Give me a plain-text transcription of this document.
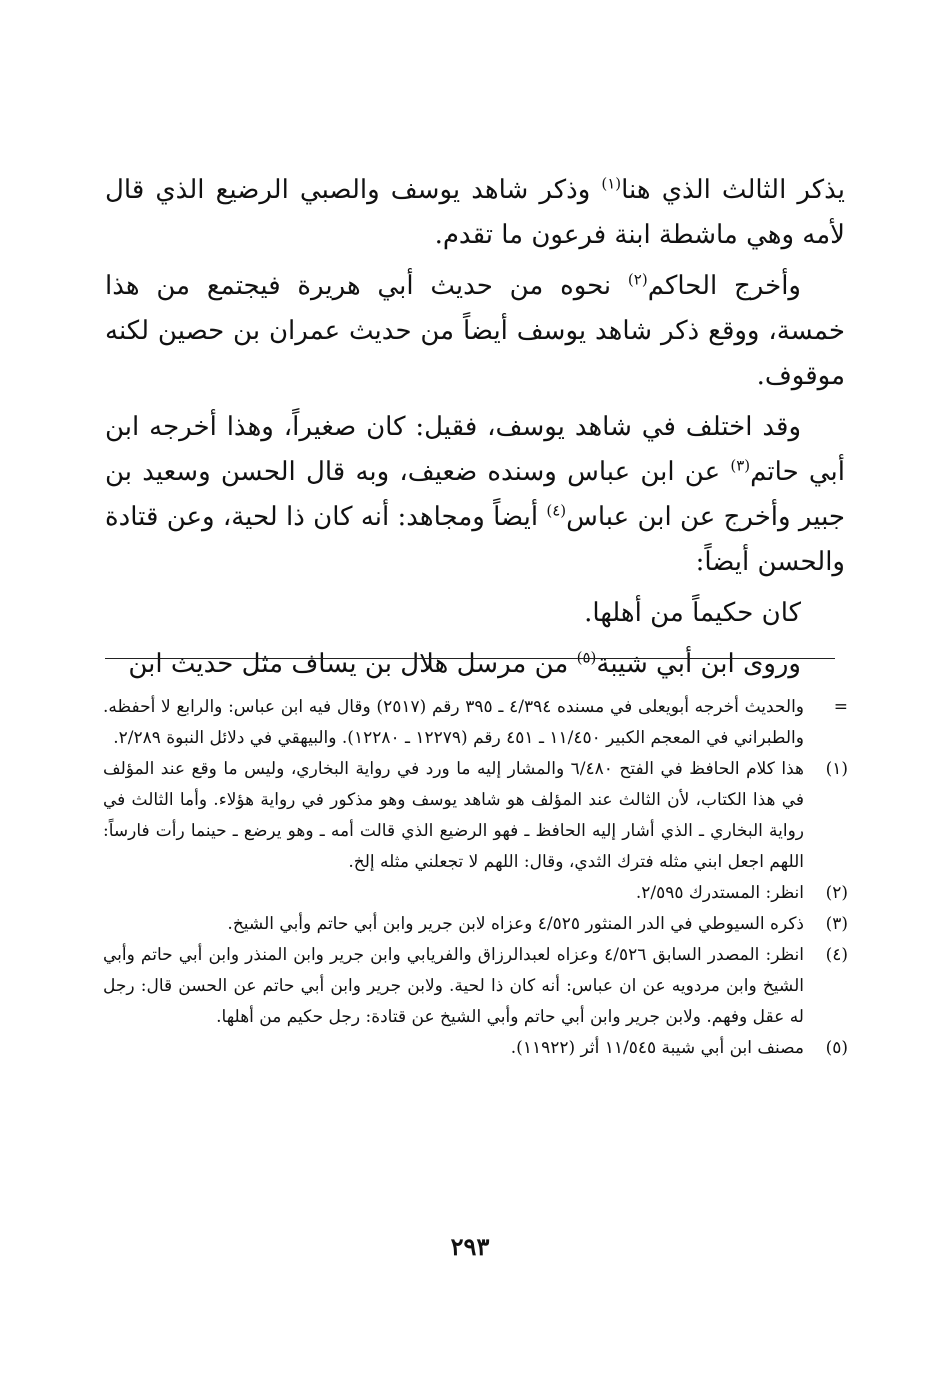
يذكر الثالث الذي هنا$^{(١)}$ وذكر شاهد يوسف والصبي الرضيع الذي قال لأمه وهي ماشطة ابنة فرعون ما تقدم.

وأخرج الحاكم$^{(٢)}$ نحوه من حديث أبي هريرة فيجتمع من هذا خمسة، ووقع ذكر شاهد يوسف أيضاً من حديث عمران بن حصين لكنه موقوف.

وقد اختلف في شاهد يوسف، فقيل: كان صغيراً، وهذا أخرجه ابن أبي حاتم$^{(٣)}$ عن ابن عباس وسنده ضعيف، وبه قال الحسن وسعيد بن جبير وأخرج عن ابن عباس$^{(٤)}$ أيضاً ومجاهد: أنه كان ذا لحية، وعن قتادة والحسن أيضاً:

كان حكيماً من أهلها.

وروى ابن أبي شيبة$^{(٥)}$ من مرسل هلال بن يساف مثل حديث ابن

=
والحديث أخرجه أبويعلى في مسنده ٤/٣٩٤ ـ ٣٩٥ رقم (٢٥١٧) وقال فيه ابن عباس: والرابع لا أحفظه. والطبراني في المعجم الكبير ١١/٤٥٠ ـ ٤٥١ رقم (١٢٢٧٩ ـ ١٢٢٨٠). والبيهقي في دلائل النبوة ٢/٢٨٩.
(١)
هذا كلام الحافظ في الفتح ٦/٤٨٠ والمشار إليه ما ورد في رواية البخاري، وليس ما وقع عند المؤلف في هذا الكتاب، لأن الثالث عند المؤلف هو شاهد يوسف وهو مذكور في رواية هؤلاء. وأما الثالث في رواية البخاري ـ الذي أشار إليه الحافظ ـ فهو الرضيع الذي قالت أمه ـ وهو يرضع ـ حينما رأت فارساً: اللهم اجعل ابني مثله فترك الثدي، وقال: اللهم لا تجعلني مثله إلخ.
(٢)
انظر: المستدرك ٢/٥٩٥.
(٣)
ذكره السيوطي في الدر المنثور ٤/٥٢٥ وعزاه لابن جرير وابن أبي حاتم وأبي الشيخ.
(٤)
انظر: المصدر السابق ٤/٥٢٦ وعزاه لعبدالرزاق والفريابي وابن جرير وابن المنذر وابن أبي حاتم وأبي الشيخ وابن مردويه عن ان عباس: أنه كان ذا لحية. ولابن جرير وابن أبي حاتم عن الحسن قال: رجل له عقل وفهم. ولابن جرير وابن أبي حاتم وأبي الشيخ عن قتادة: رجل حكيم من أهلها.
(٥)
مصنف ابن أبي شيبة ١١/٥٤٥ أثر (١١٩٢٢).
٢٩٣
